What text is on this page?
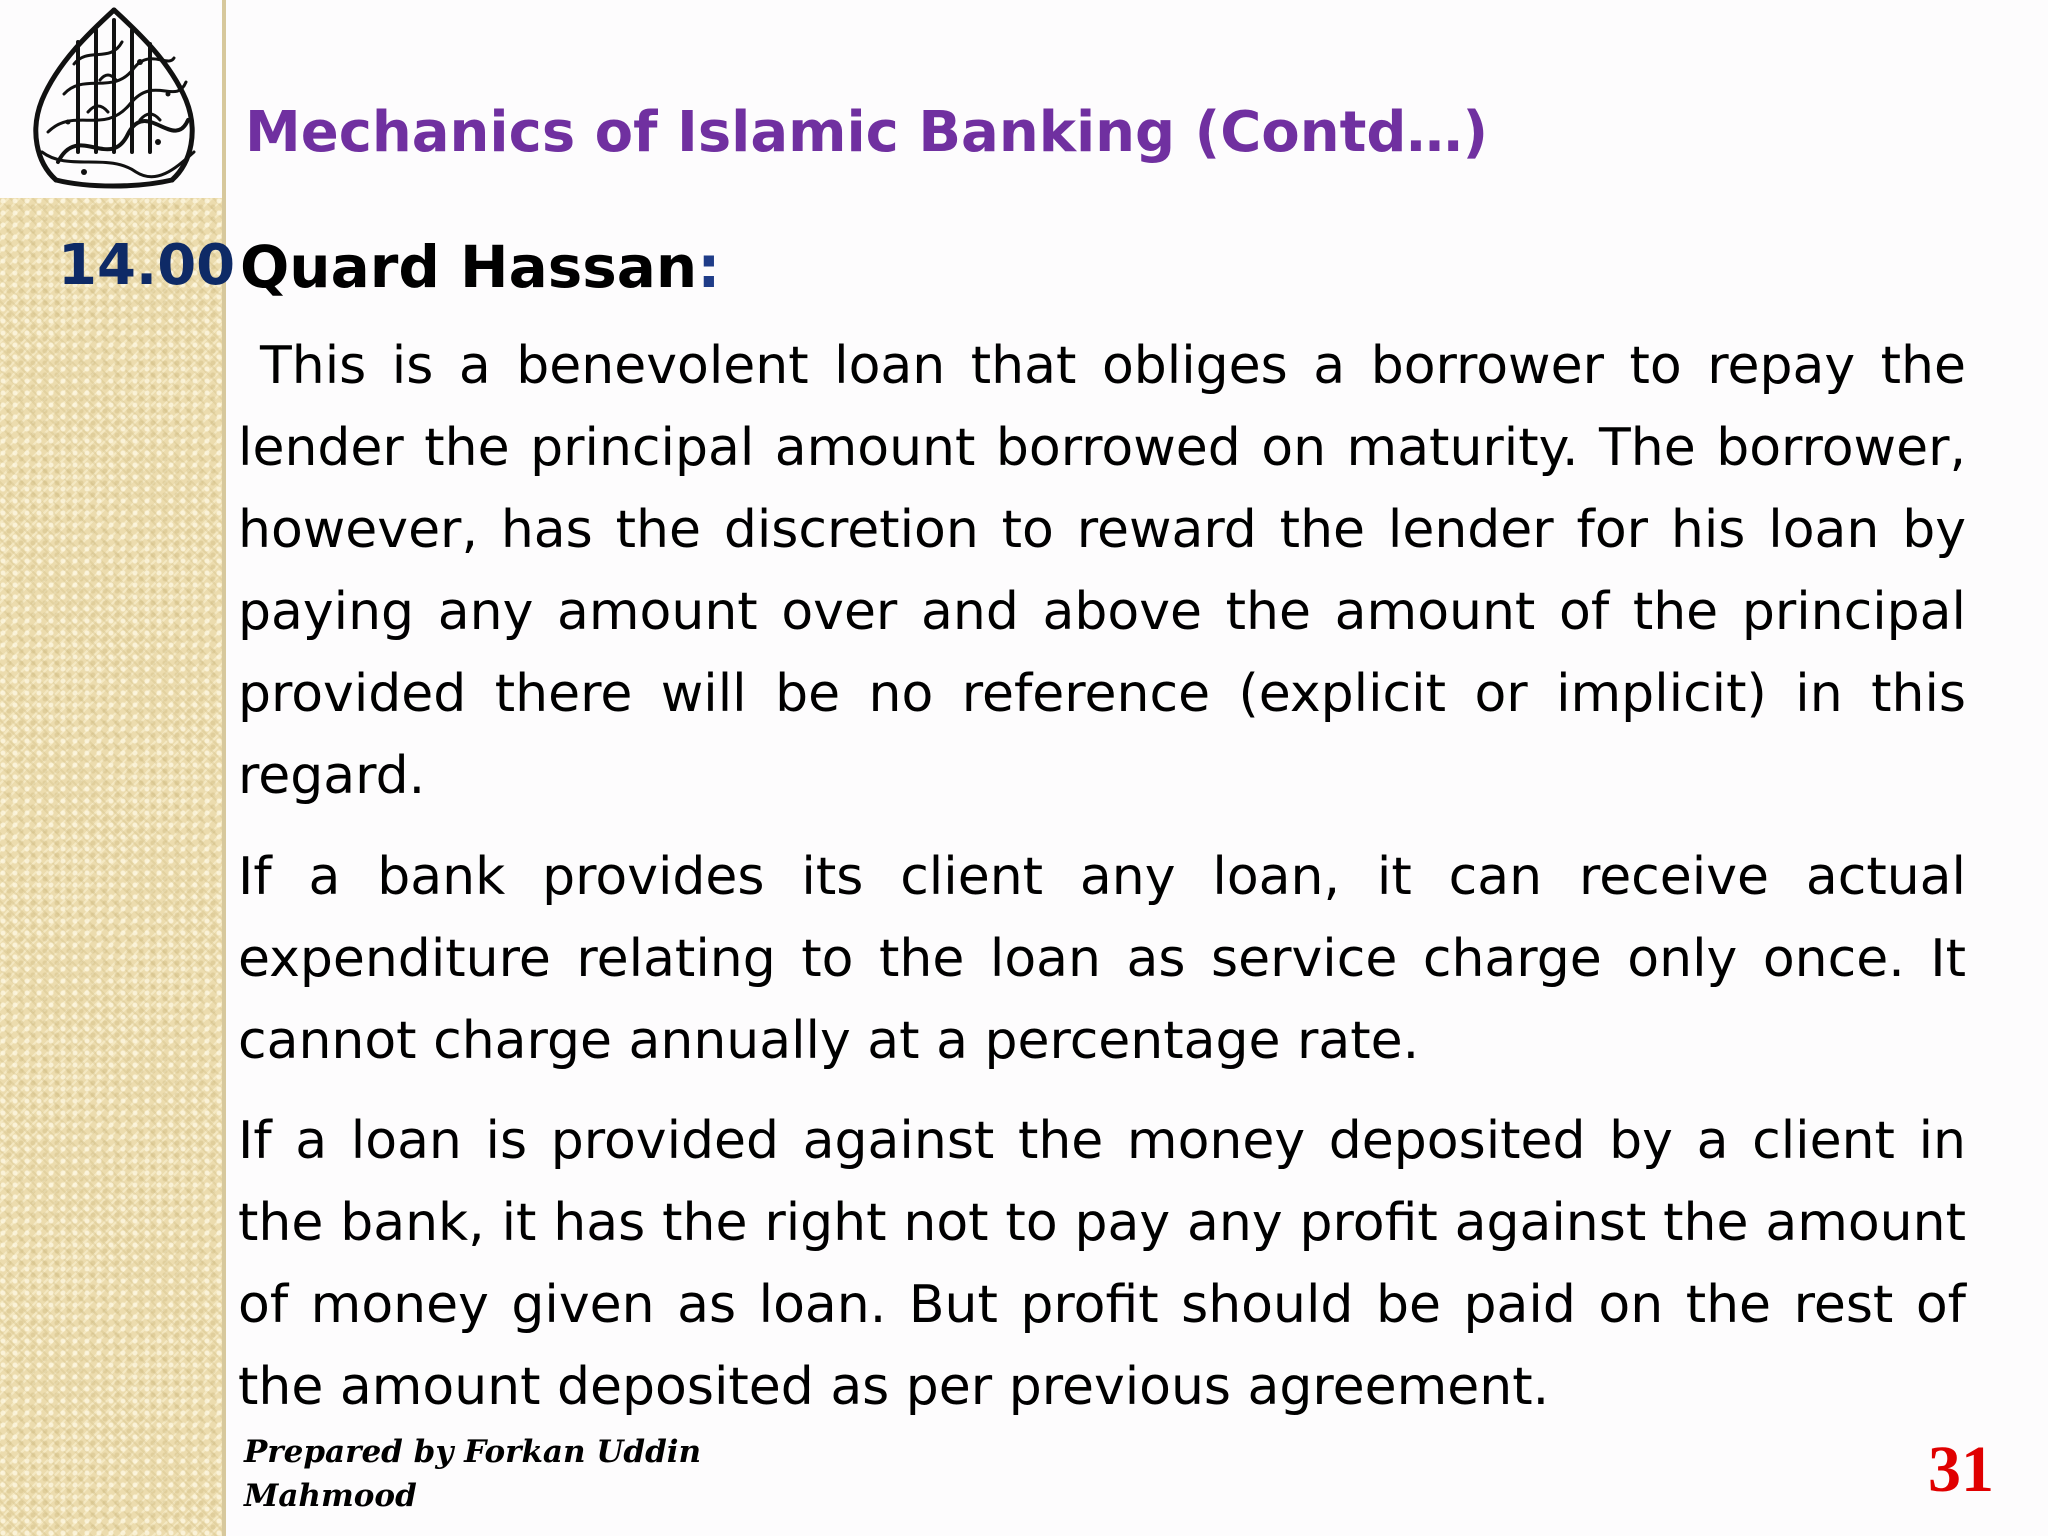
Mechanics of Islamic Banking (Contd…)
14.00 Quard Hassan:

This is a benevolent loan that obliges a borrower to repay the lender the principal amount borrowed on maturity. The borrower, however, has the discretion to reward the lender for his loan by paying any amount over and above the amount of the principal provided there will be no reference (explicit or implicit) in this regard.

If a bank provides its client any loan, it can receive actual expenditure relating to the loan as service charge only once. It cannot charge annually at a percentage rate.

If a loan is provided against the money deposited by a client in the bank, it has the right not to pay any profit against the amount of money given as loan. But profit should be paid on the rest of the amount deposited as per previous agreement.

Prepared by Forkan Uddin Mahmood	31
